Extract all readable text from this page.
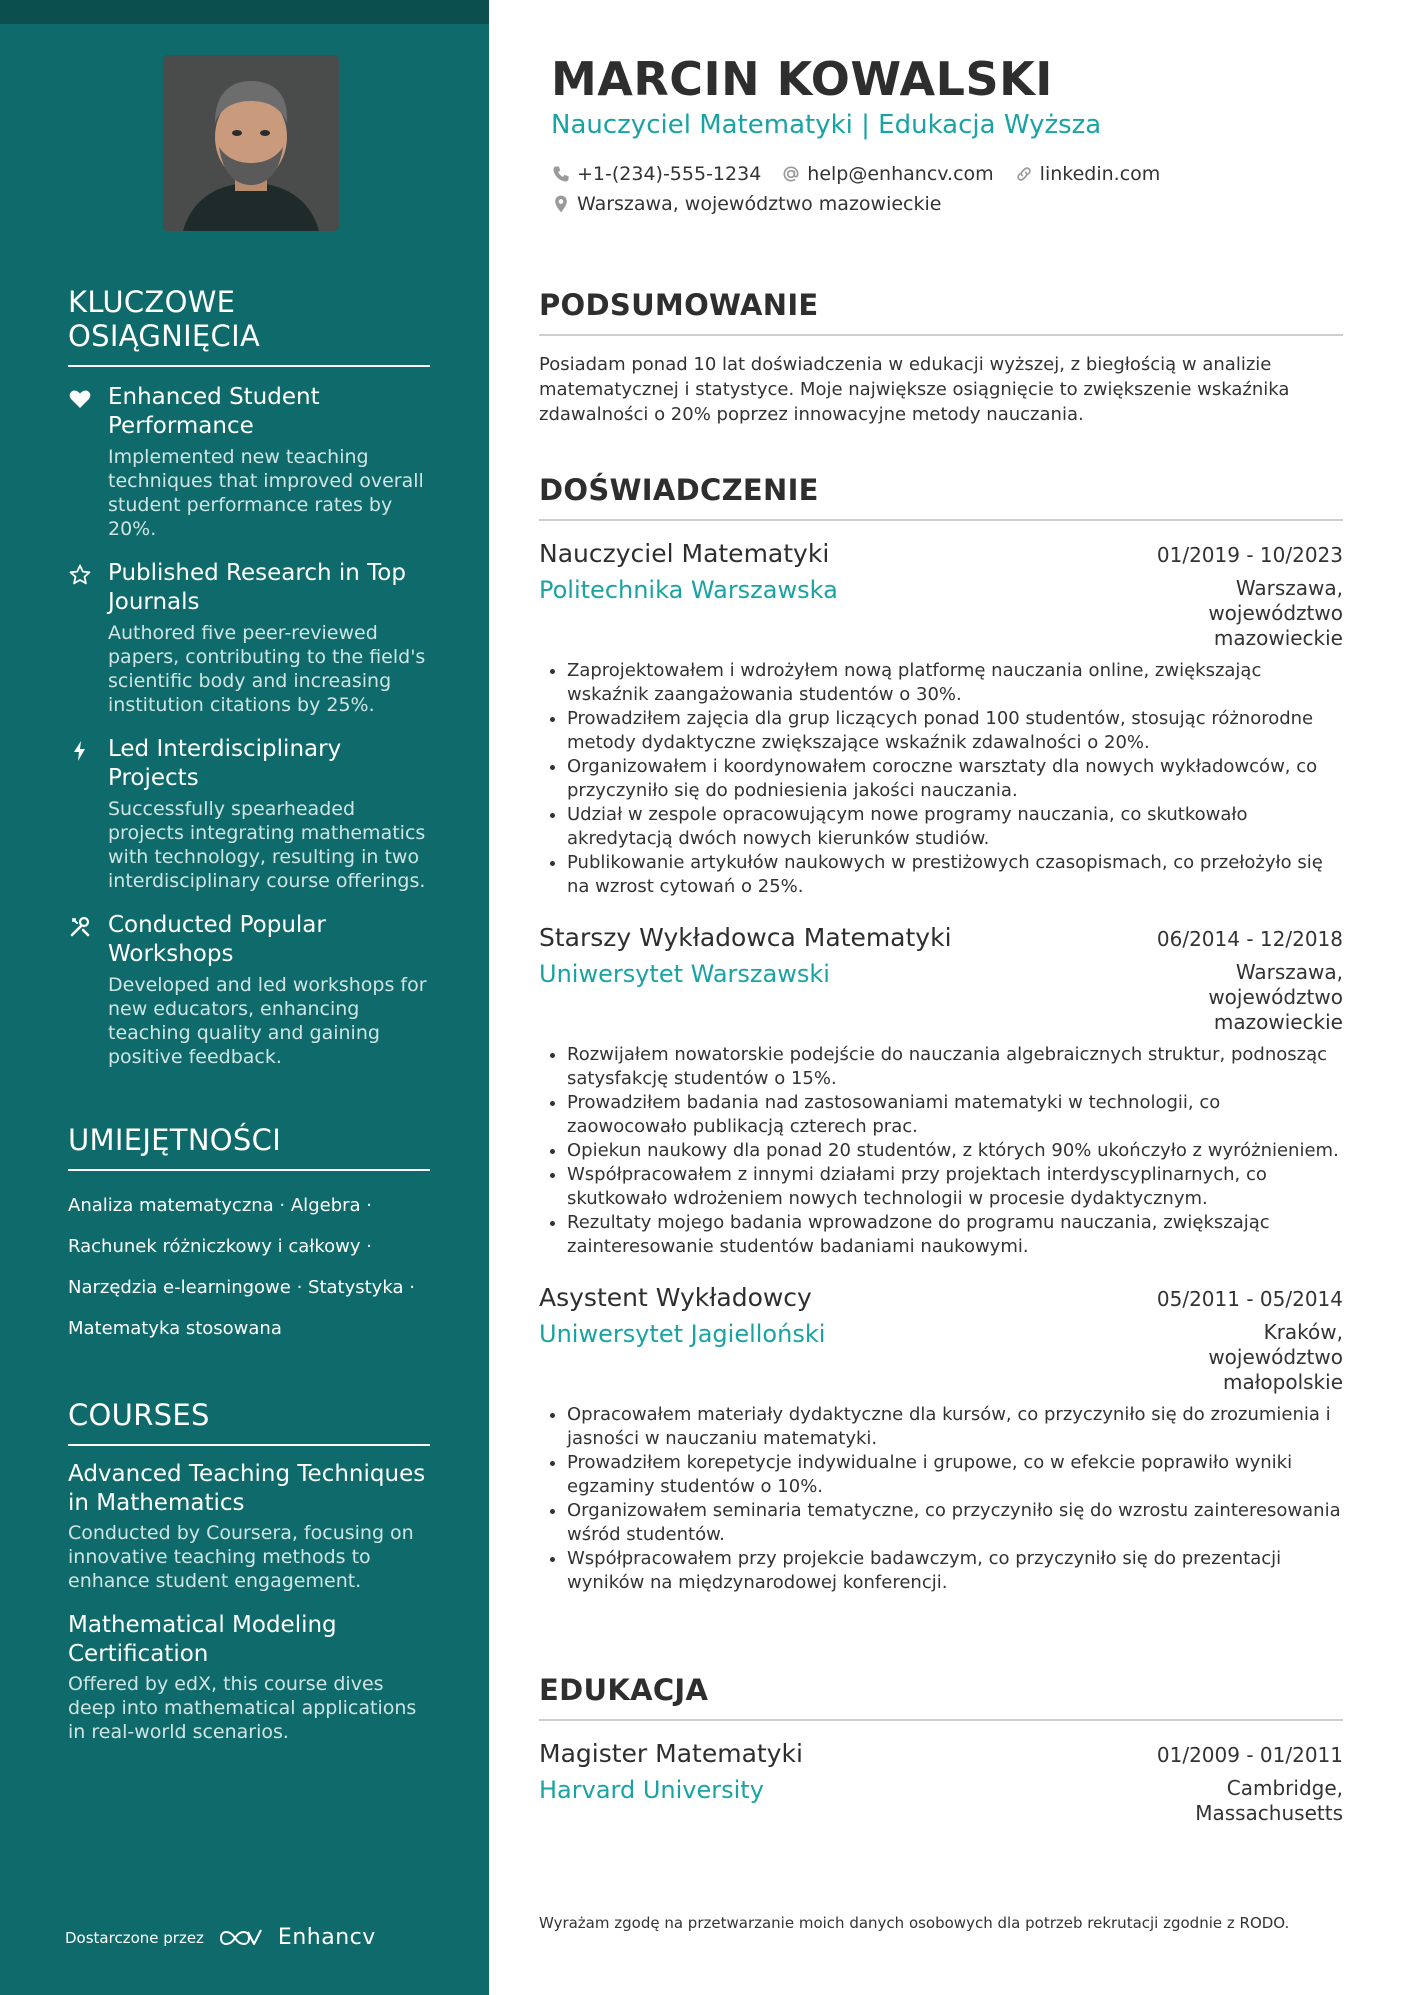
KLUCZOWE OSIĄGNIĘCIA
Enhanced Student Performance
Implemented new teaching techniques that improved overall student performance rates by 20%.
Published Research in Top Journals
Authored five peer-reviewed papers, contributing to the field's scientific body and increasing institution citations by 25%.
Led Interdisciplinary Projects
Successfully spearheaded projects integrating mathematics with technology, resulting in two interdisciplinary course offerings.
Conducted Popular Workshops
Developed and led workshops for new educators, enhancing teaching quality and gaining positive feedback.
UMIEJĘTNOŚCI
Analiza matematyczna · Algebra ·
Rachunek różniczkowy i całkowy ·
Narzędzia e-learningowe · Statystyka ·
Matematyka stosowana
COURSES
Advanced Teaching Techniques in Mathematics
Conducted by Coursera, focusing on innovative teaching methods to enhance student engagement.
Mathematical Modeling Certification
Offered by edX, this course dives deep into mathematical applications in real-world scenarios.
Dostarczone przez	Enhancv
MARCIN KOWALSKI
Nauczyciel Matematyki | Edukacja Wyższa
+1-(234)-555-1234 help@enhancv.com linkedin.com
Warszawa, województwo mazowieckie
PODSUMOWANIE

Posiadam ponad 10 lat doświadczenia w edukacji wyższej, z biegłością w analizie matematycznej i statystyce. Moje największe osiągnięcie to zwiększenie wskaźnika zdawalności o 20% poprzez innowacyjne metody nauczania.

DOŚWIADCZENIE
Nauczyciel Matematyki	01/2019 - 10/2023
Politechnika Warszawska	Warszawa, województwo mazowieckie
• Zaprojektowałem i wdrożyłem nową platformę nauczania online, zwiększając wskaźnik zaangażowania studentów o 30%.
• Prowadziłem zajęcia dla grup liczących ponad 100 studentów, stosując różnorodne metody dydaktyczne zwiększające wskaźnik zdawalności o 20%.
• Organizowałem i koordynowałem coroczne warsztaty dla nowych wykładowców, co przyczyniło się do podniesienia jakości nauczania.
• Udział w zespole opracowującym nowe programy nauczania, co skutkowało akredytacją dwóch nowych kierunków studiów.
• Publikowanie artykułów naukowych w prestiżowych czasopismach, co przełożyło się na wzrost cytowań o 25%.
Starszy Wykładowca Matematyki	06/2014 - 12/2018
Uniwersytet Warszawski	Warszawa, województwo mazowieckie
• Rozwijałem nowatorskie podejście do nauczania algebraicznych struktur, podnosząc satysfakcję studentów o 15%.
• Prowadziłem badania nad zastosowaniami matematyki w technologii, co zaowocowało publikacją czterech prac.
• Opiekun naukowy dla ponad 20 studentów, z których 90% ukończyło z wyróżnieniem.
• Współpracowałem z innymi działami przy projektach interdyscyplinarnych, co skutkowało wdrożeniem nowych technologii w procesie dydaktycznym.
• Rezultaty mojego badania wprowadzone do programu nauczania, zwiększając zainteresowanie studentów badaniami naukowymi.
Asystent Wykładowcy	05/2011 - 05/2014
Uniwersytet Jagielloński	Kraków, województwo małopolskie
• Opracowałem materiały dydaktyczne dla kursów, co przyczyniło się do zrozumienia i jasności w nauczaniu matematyki.
• Prowadziłem korepetycje indywidualne i grupowe, co w efekcie poprawiło wyniki egzaminy studentów o 10%.
• Organizowałem seminaria tematyczne, co przyczyniło się do wzrostu zainteresowania wśród studentów.
• Współpracowałem przy projekcie badawczym, co przyczyniło się do prezentacji wyników na międzynarodowej konferencji.
EDUKACJA
Magister Matematyki	01/2009 - 01/2011
Harvard University	Cambridge, Massachusetts
Wyrażam zgodę na przetwarzanie moich danych osobowych dla potrzeb rekrutacji zgodnie z RODO.
